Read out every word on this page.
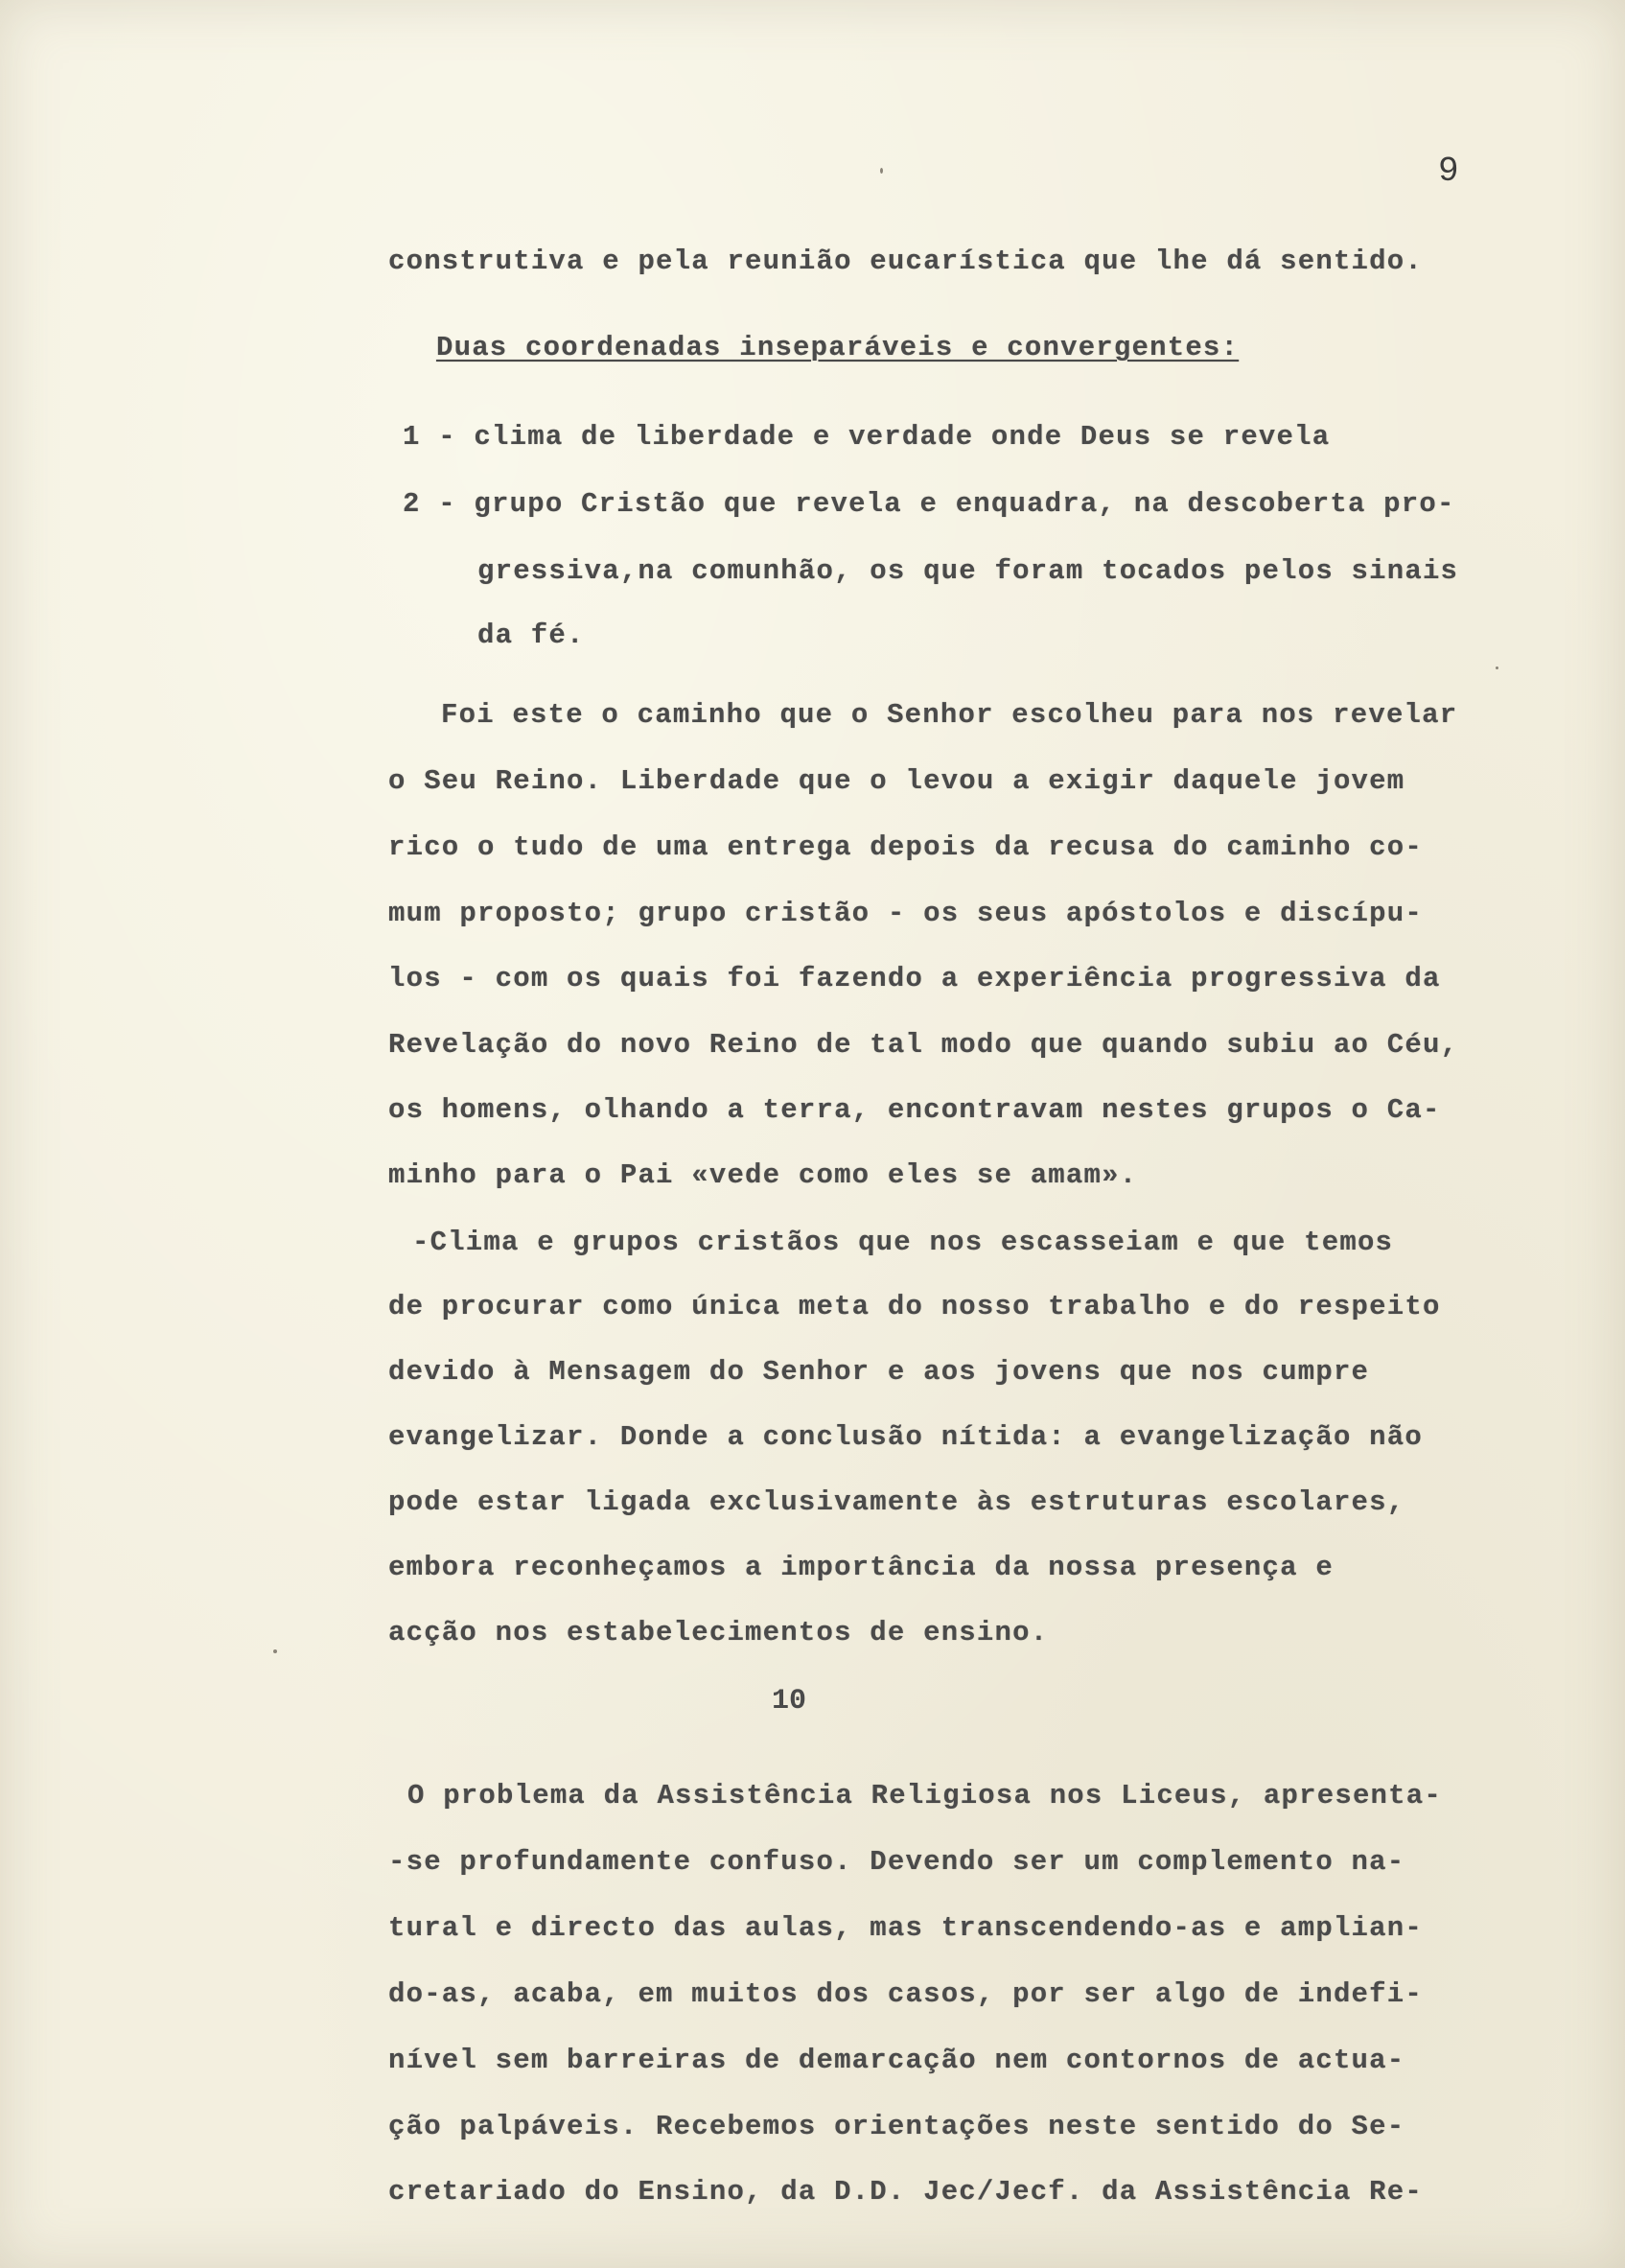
9
construtiva e pela reunião eucarística que lhe dá sentido.
Duas coordenadas inseparáveis e convergentes:
1 - clima de liberdade e verdade onde Deus se revela
2 - grupo Cristão que revela e enquadra, na descoberta pro-
gressiva,na comunhão, os que foram tocados pelos sinais
da fé.
Foi este o caminho que o Senhor escolheu para nos revelar
o Seu Reino. Liberdade que o levou a exigir daquele jovem
rico o tudo de uma entrega depois da recusa do caminho co-
mum proposto; grupo cristão - os seus apóstolos e discípu-
los - com os quais foi fazendo a experiência progressiva da
Revelação do novo Reino de tal modo que quando subiu ao Céu,
os homens, olhando a terra, encontravam nestes grupos o Ca-
minho para o Pai «vede como eles se amam».
-Clima e grupos cristãos que nos escasseiam e que temos
de procurar como única meta do nosso trabalho e do respeito
devido à Mensagem do Senhor e aos jovens que nos cumpre
evangelizar. Donde a conclusão nítida: a evangelização não
pode estar ligada exclusivamente às estruturas escolares,
embora reconheçamos a importância da nossa presença e
acção nos estabelecimentos de ensino.
10
O problema da Assistência Religiosa nos Liceus, apresenta-
-se profundamente confuso. Devendo ser um complemento na-
tural e directo das aulas, mas transcendendo-as e amplian-
do-as, acaba, em muitos dos casos, por ser algo de indefi-
nível sem barreiras de demarcação nem contornos de actua-
ção palpáveis. Recebemos orientações neste sentido do Se-
cretariado do Ensino, da D.D. Jec/Jecf. da Assistência Re-
